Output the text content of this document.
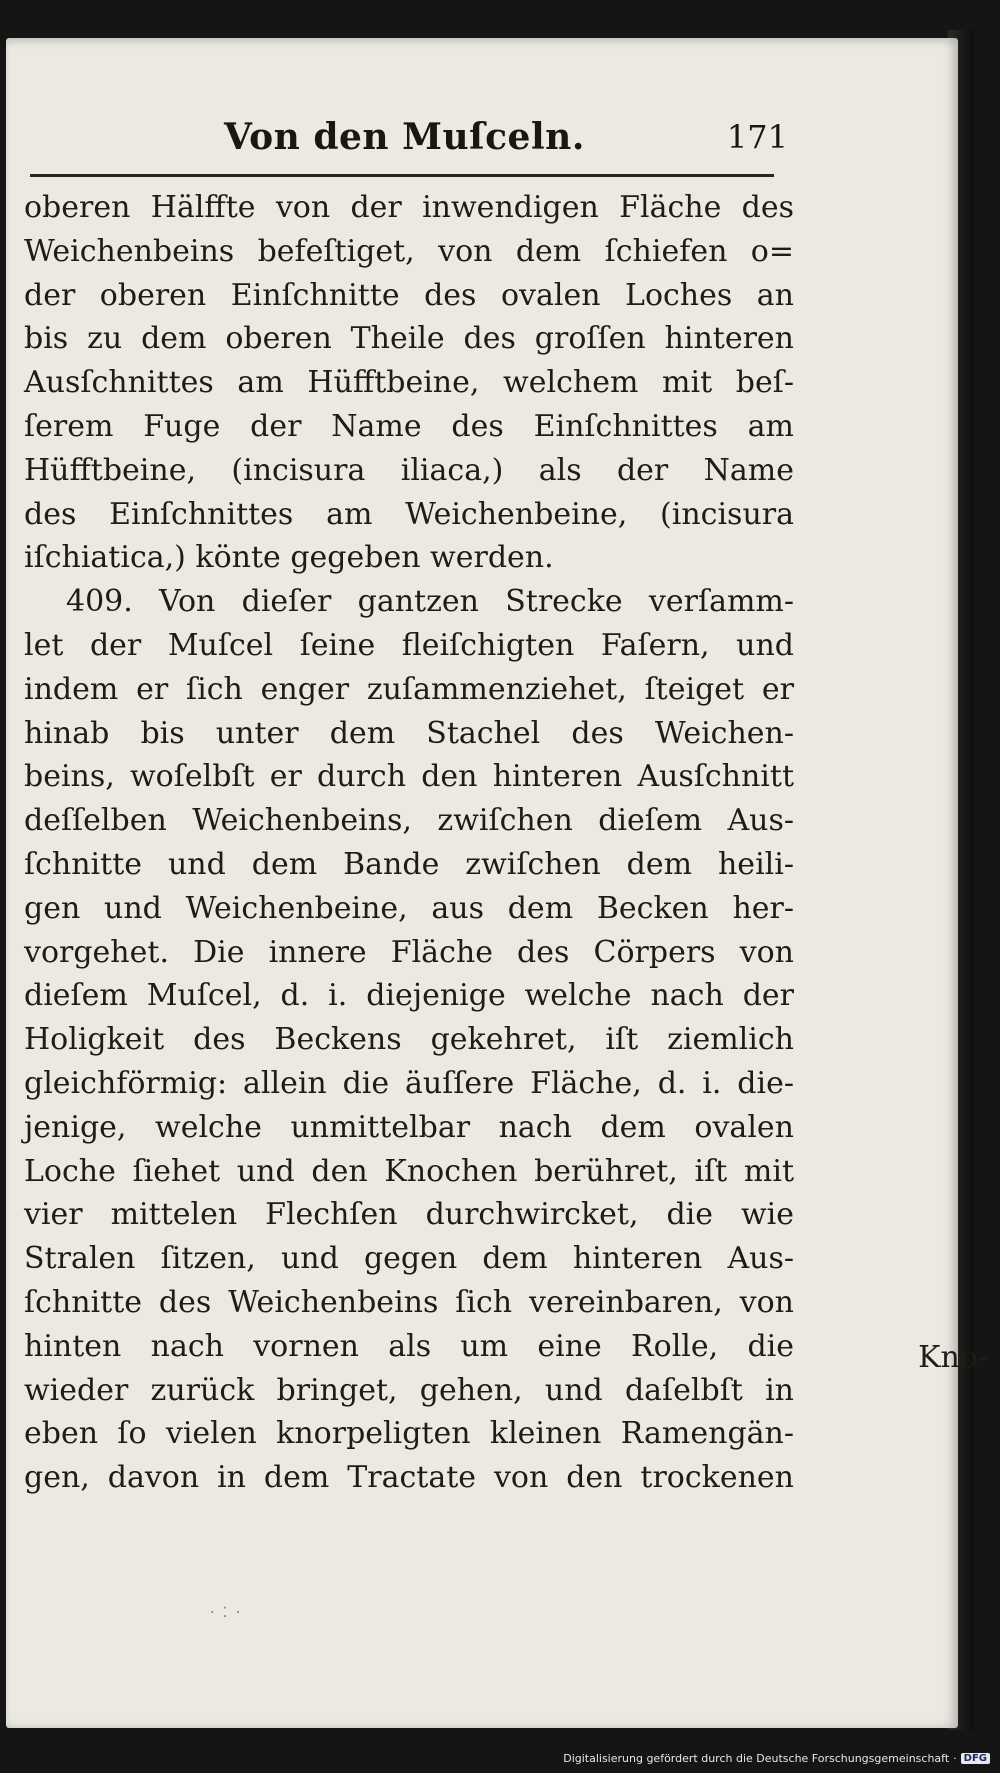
Von den Muſceln.	171
oberen Hälffte von der inwendigen Fläche des
Weichenbeins befeſtiget, von dem ſchiefen o=
der oberen Einſchnitte des ovalen Loches an
bis zu dem oberen Theile des groſſen hinteren
Ausſchnittes am Hüfftbeine, welchem mit beſ-
ſerem Fuge der Name des Einſchnittes am
Hüfftbeine, (incisura iliaca,) als der Name
des Einſchnittes am Weichenbeine, (incisura
iſchiatica,) könte gegeben werden.
409. Von dieſer gantzen Strecke verſamm-
let der Muſcel ſeine fleiſchigten Faſern, und
indem er ſich enger zuſammenziehet, ſteiget er
hinab bis unter dem Stachel des Weichen-
beins, woſelbſt er durch den hinteren Ausſchnitt
deſſelben Weichenbeins, zwiſchen dieſem Aus-
ſchnitte und dem Bande zwiſchen dem heili-
gen und Weichenbeine, aus dem Becken her-
vorgehet. Die innere Fläche des Cörpers von
dieſem Muſcel, d. i. diejenige welche nach der
Holigkeit des Beckens gekehret, iſt ziemlich
gleichförmig: allein die äuſſere Fläche, d. i. die-
jenige, welche unmittelbar nach dem ovalen
Loche ſiehet und den Knochen berühret, iſt mit
vier mittelen Flechſen durchwircket, die wie
Stralen ſitzen, und gegen dem hinteren Aus-
ſchnitte des Weichenbeins ſich vereinbaren, von
hinten nach vornen als um eine Rolle, die
wieder zurück bringet, gehen, und daſelbſt in
eben ſo vielen knorpeligten kleinen Ramengän-
gen, davon in dem Tractate von den trockenen
Kno-
· ⁚ ·
Digitalisierung gefördert durch die Deutsche Forschungsgemeinschaft · DFG
